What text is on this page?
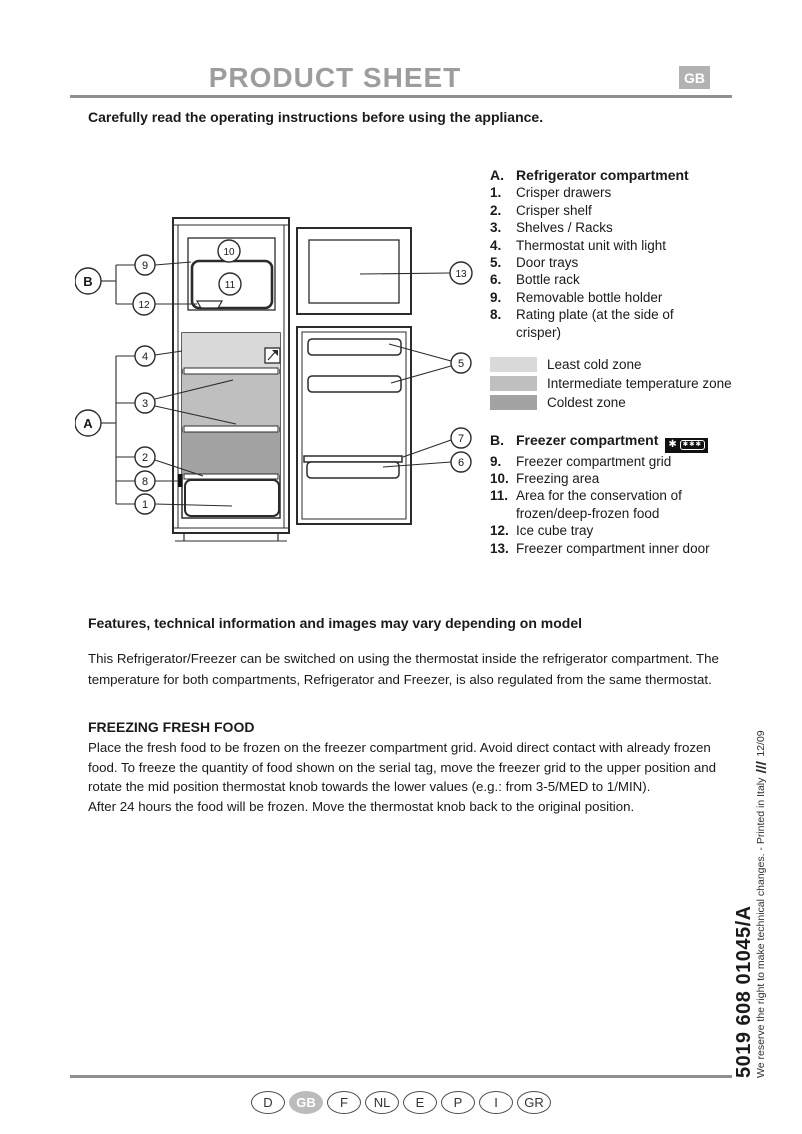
PRODUCT SHEET	GB
Carefully read the operating instructions before using the appliance.
B
A
9
12
4
3
2
8
1
10
11
13
5
7
6
A. Refrigerator compartment
1.	Crisper drawers
2.	Crisper shelf
3.	Shelves / Racks
4.	Thermostat unit with light
5.	Door trays
6.	Bottle rack
9.	Removable bottle holder
8.	Rating plate (at the side of crisper)
Least cold zone
Intermediate temperature zone
Coldest zone
B. Freezer compartment ✱ ✱✱✱
9.	Freezer compartment grid
10. Freezing area
11. Area for the conservation of frozen/deep-frozen food
12. Ice cube tray
13. Freezer compartment inner door
Features, technical information and images may vary depending on model
This Refrigerator/Freezer can be switched on using the thermostat inside the refrigerator compartment. The temperature for both compartments, Refrigerator and Freezer, is also regulated from the same thermostat.
FREEZING FRESH FOOD
Place the fresh food to be frozen on the freezer compartment grid. Avoid direct contact with already frozen food. To freeze the quantity of food shown on the serial tag, move the freezer grid to the upper position and rotate the mid position thermostat knob towards the lower values (e.g.: from 3-5/MED to 1/MIN).
After 24 hours the food will be frozen. Move the thermostat knob back to the original position.
5019 608 01045/A We reserve the right to make technical changes. - Printed in Italy
12/09
D	GB	F	NL	E	P	I	GR
